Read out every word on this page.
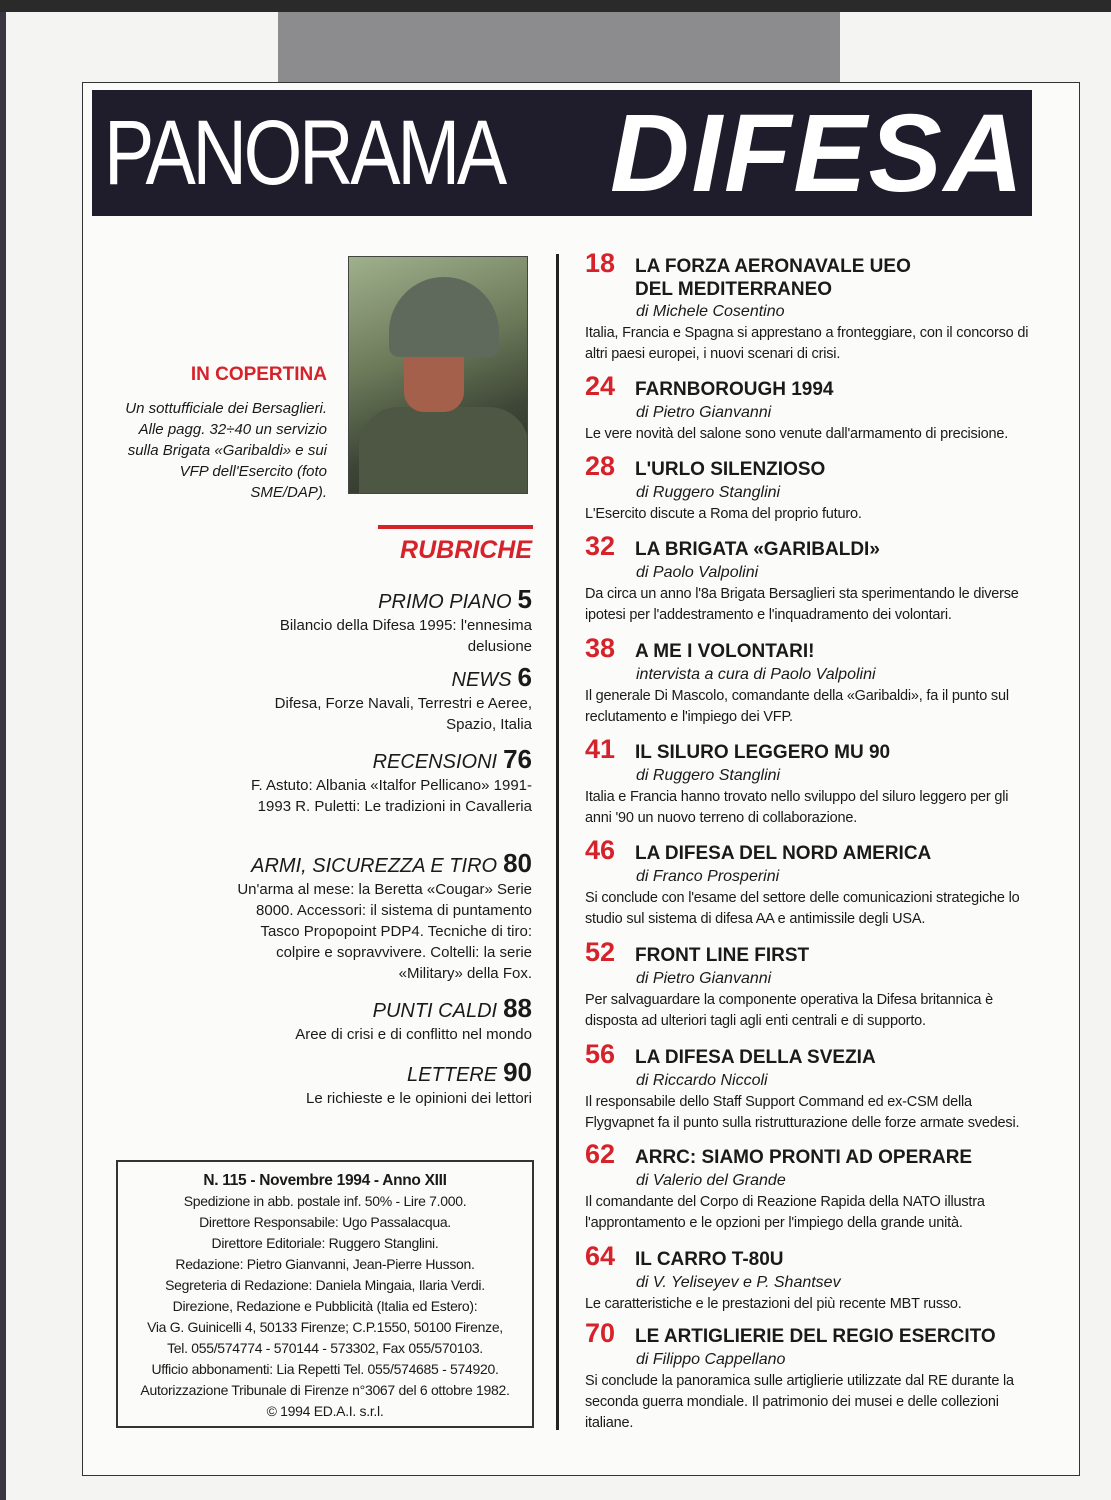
PANORAMA DIFESA
IN COPERTINA
Un sottufficiale dei Bersaglieri. Alle pagg. 32÷40 un servizio sulla Brigata «Garibaldi» e sui VFP dell'Esercito (foto SME/DAP).
RUBRICHE
PRIMO PIANO 5
Bilancio della Difesa 1995: l'ennesima delusione
NEWS 6
Difesa, Forze Navali, Terrestri e Aeree, Spazio, Italia
RECENSIONI 76
F. Astuto: Albania «Italfor Pellicano» 1991-1993 R. Puletti: Le tradizioni in Cavalleria
ARMI, SICUREZZA E TIRO 80
Un'arma al mese: la Beretta «Cougar» Serie 8000. Accessori: il sistema di puntamento Tasco Propopoint PDP4. Tecniche di tiro: colpire e sopravvivere. Coltelli: la serie «Military» della Fox.
PUNTI CALDI 88
Aree di crisi e di conflitto nel mondo
LETTERE 90
Le richieste e le opinioni dei lettori
18	LA FORZA AERONAVALE UEO DEL MEDITERRANEO
di Michele Cosentino
Italia, Francia e Spagna si apprestano a fronteggiare, con il concorso di altri paesi europei, i nuovi scenari di crisi.
24	FARNBOROUGH 1994
di Pietro Gianvanni
Le vere novità del salone sono venute dall'armamento di precisione.
28	L'URLO SILENZIOSO
di Ruggero Stanglini
L'Esercito discute a Roma del proprio futuro.
32	LA BRIGATA «GARIBALDI»
di Paolo Valpolini
Da circa un anno l'8a Brigata Bersaglieri sta sperimentando le diverse ipotesi per l'addestramento e l'inquadramento dei volontari.
38	A ME I VOLONTARI!
intervista a cura di Paolo Valpolini
Il generale Di Mascolo, comandante della «Garibaldi», fa il punto sul reclutamento e l'impiego dei VFP.
41	IL SILURO LEGGERO MU 90
di Ruggero Stanglini
Italia e Francia hanno trovato nello sviluppo del siluro leggero per gli anni '90 un nuovo terreno di collaborazione.
46	LA DIFESA DEL NORD AMERICA
di Franco Prosperini
Si conclude con l'esame del settore delle comunicazioni strategiche lo studio sul sistema di difesa AA e antimissile degli USA.
52	FRONT LINE FIRST
di Pietro Gianvanni
Per salvaguardare la componente operativa la Difesa britannica è disposta ad ulteriori tagli agli enti centrali e di supporto.
56	LA DIFESA DELLA SVEZIA
di Riccardo Niccoli
Il responsabile dello Staff Support Command ed ex-CSM della Flygvapnet fa il punto sulla ristrutturazione delle forze armate svedesi.
62	ARRC: SIAMO PRONTI AD OPERARE
di Valerio del Grande
Il comandante del Corpo di Reazione Rapida della NATO illustra l'approntamento e le opzioni per l'impiego della grande unità.
64	IL CARRO T-80U
di V. Yeliseyev e P. Shantsev
Le caratteristiche e le prestazioni del più recente MBT russo.
70	LE ARTIGLIERIE DEL REGIO ESERCITO
di Filippo Cappellano
Si conclude la panoramica sulle artiglierie utilizzate dal RE durante la seconda guerra mondiale. Il patrimonio dei musei e delle collezioni italiane.
N. 115 - Novembre 1994 - Anno XIII
Spedizione in abb. postale inf. 50% - Lire 7.000.
Direttore Responsabile: Ugo Passalacqua.
Direttore Editoriale: Ruggero Stanglini.
Redazione: Pietro Gianvanni, Jean-Pierre Husson.
Segreteria di Redazione: Daniela Mingaia, Ilaria Verdi.
Direzione, Redazione e Pubblicità (Italia ed Estero):
Via G. Guinicelli 4, 50133 Firenze; C.P.1550, 50100 Firenze,
Tel. 055/574774 - 570144 - 573302, Fax 055/570103.
Ufficio abbonamenti: Lia Repetti Tel. 055/574685 - 574920.
Autorizzazione Tribunale di Firenze n°3067 del 6 ottobre 1982.
© 1994 ED.A.I. s.r.l.
